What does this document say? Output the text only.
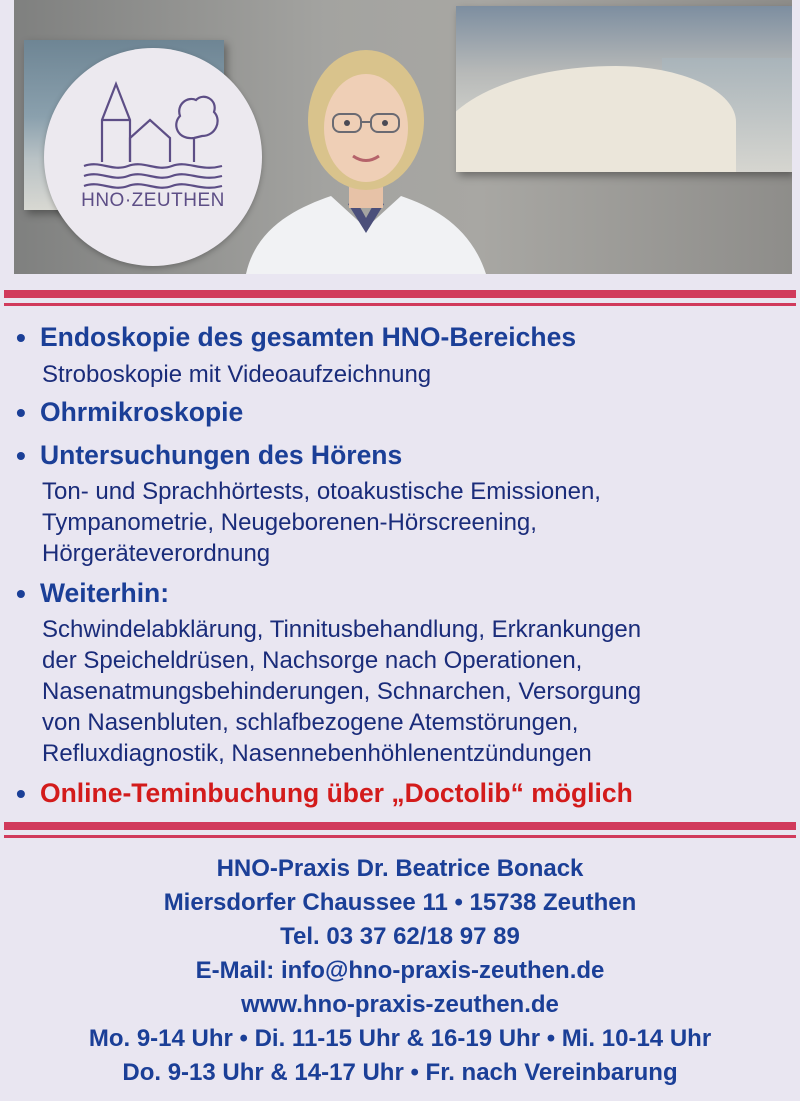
HNO·ZEUTHEN
• Endoskopie des gesamten HNO-Bereiches
Stroboskopie mit Videoaufzeichnung
• Ohrmikroskopie
• Untersuchungen des Hörens
Ton- und Sprachhörtests, otoakustische Emissionen,
Tympanometrie, Neugeborenen-Hörscreening,
Hörgeräteverordnung
• Weiterhin:
Schwindelabklärung, Tinnitusbehandlung, Erkrankungen
der Speicheldrüsen, Nachsorge nach Operationen,
Nasenatmungsbehinderungen, Schnarchen, Versorgung
von Nasenbluten, schlafbezogene Atemstörungen,
Refluxdiagnostik, Nasennebenhöhlenentzündungen
• Online-Teminbuchung über „Doctolib“ möglich
HNO-Praxis Dr. Beatrice Bonack
Miersdorfer Chaussee 11 • 15738 Zeuthen
Tel. 03 37 62/18 97 89
E-Mail: info@hno-praxis-zeuthen.de
www.hno-praxis-zeuthen.de
Mo. 9-14 Uhr • Di. 11-15 Uhr & 16-19 Uhr • Mi. 10-14 Uhr
Do. 9-13 Uhr & 14-17 Uhr • Fr. nach Vereinbarung
